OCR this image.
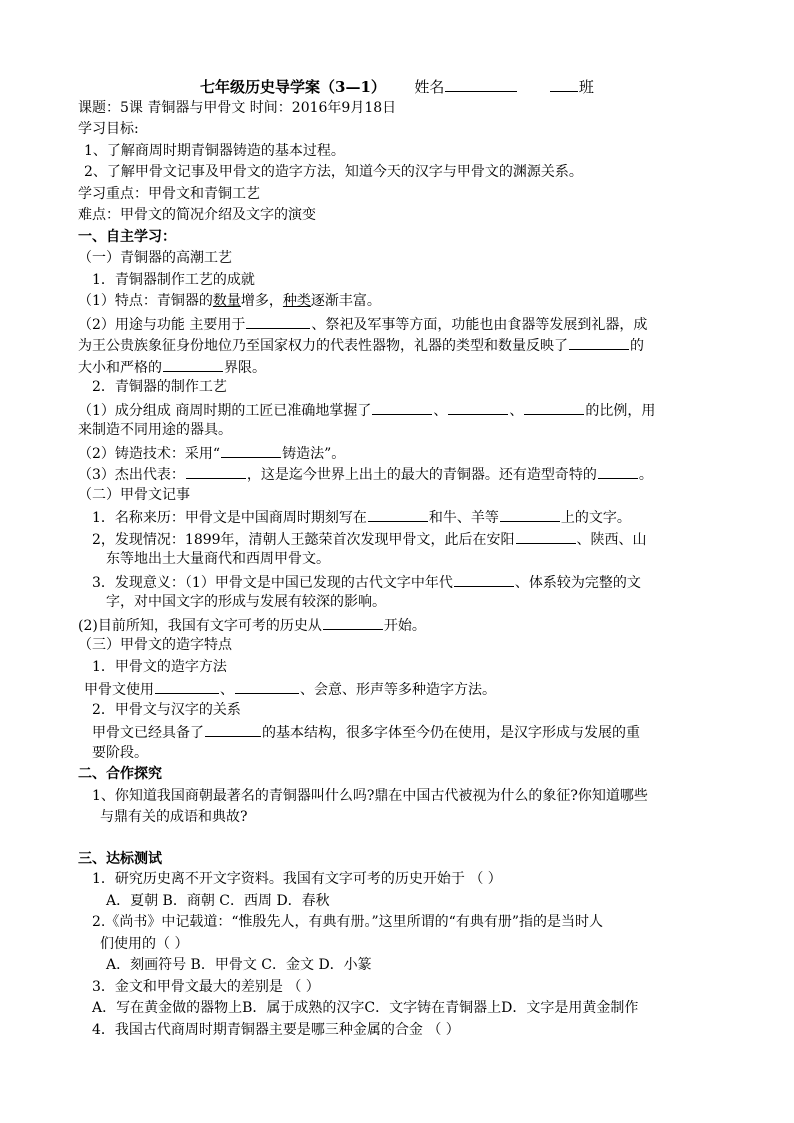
七年级历史导学案（3—1） 姓名	班
课题：5课 青铜器与甲骨文 时间：2016年9月18日
学习目标:
1、了解商周时期青铜器铸造的基本过程。
2、了解甲骨文记事及甲骨文的造字方法，知道今天的汉字与甲骨文的渊源关系。
学习重点：甲骨文和青铜工艺
难点：甲骨文的简况介绍及文字的演变
一、自主学习：
（一）青铜器的高潮工艺
1．青铜器制作工艺的成就
（1）特点：青铜器的数量增多，种类逐渐丰富。
（2）用途与功能 主要用于	、祭祀及军事等方面，功能也由食器等发展到礼器，成
为王公贵族象征身份地位乃至国家权力的代表性器物，礼器的类型和数量反映了	的
大小和严格的	界限。
2．青铜器的制作工艺
（1）成分组成 商周时期的工匠已准确地掌握了	、	、	的比例，用
来制造不同用途的器具。
（2）铸造技术：采用“	铸造法”。
（3）杰出代表：	，这是迄今世界上出土的最大的青铜器。还有造型奇特的	。
（二）甲骨文记事
1．名称来历：甲骨文是中国商周时期刻写在	和牛、羊等	上的文字。
2，发现情况：1899年，清朝人王懿荣首次发现甲骨文，此后在安阳	、陕西、山
东等地出土大量商代和西周甲骨文。
3．发现意义：（1）甲骨文是中国已发现的古代文字中年代	、体系较为完整的文
字，对中国文字的形成与发展有较深的影响。
(2)目前所知，我国有文字可考的历史从	开始。
（三）甲骨文的造字特点
1．甲骨文的造字方法
甲骨文使用	、	、会意、形声等多种造字方法。
2．甲骨文与汉字的关系
甲骨文已经具备了	的基本结构，很多字体至今仍在使用，是汉字形成与发展的重
要阶段。
二、合作探究
1、你知道我国商朝最著名的青铜器叫什么吗?鼎在中国古代被视为什么的象征?你知道哪些
与鼎有关的成语和典故?
三、达标测试
1．研究历史离不开文字资料。我国有文字可考的历史开始于 （ ）
A．夏朝 B．商朝 C．西周 D．春秋
2.《尚书》中记载道：“惟殷先人，有典有册。”这里所谓的“有典有册”指的是当时人
们使用的（ ）
A．刻画符号 B．甲骨文 C．金文 D．小篆
3．金文和甲骨文最大的差别是 （ ）
A．写在黄金做的器物上B．属于成熟的汉字C．文字铸在青铜器上D．文字是用黄金制作
4．我国古代商周时期青铜器主要是哪三种金属的合金 （ ）
